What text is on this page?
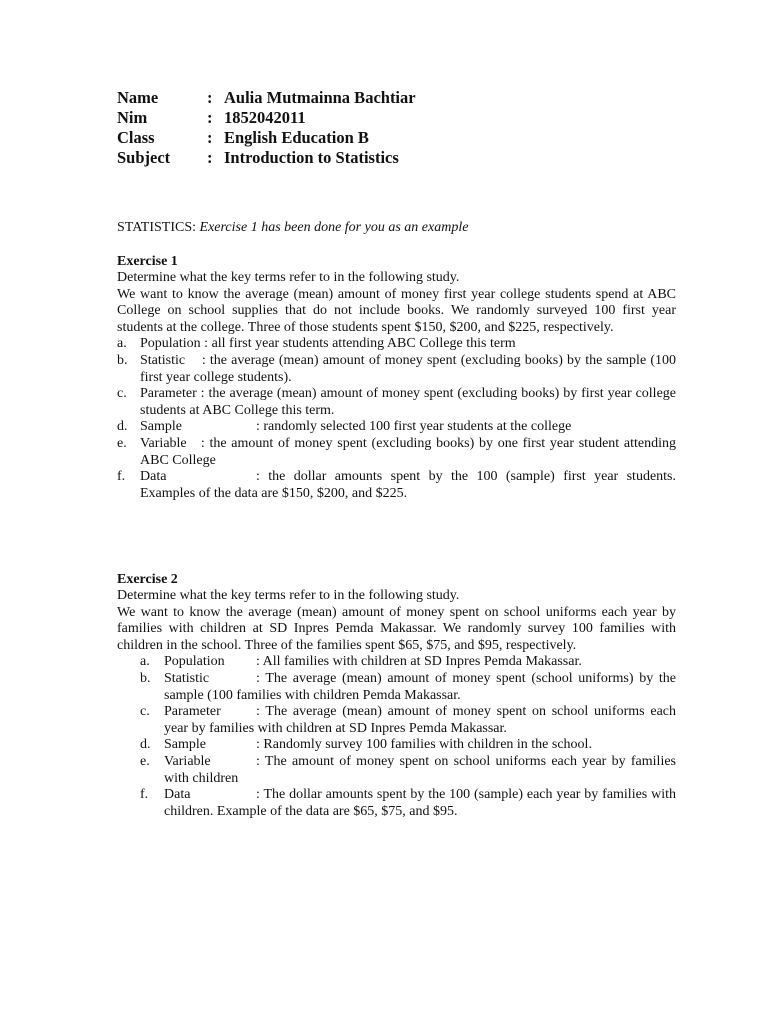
Name	: Aulia Mutmainna Bachtiar
Nim	: 1852042011
Class	: English Education B
Subject	: Introduction to Statistics
STATISTICS: Exercise 1 has been done for you as an example

Exercise 1

Determine what the key terms refer to in the following study.

We want to know the average (mean) amount of money first year college students spend at ABC College on school supplies that do not include books. We randomly surveyed 100 first year students at the college. Three of those students spent $150, $200, and $225, respectively.

a. Population : all first year students attending ABC College this term
b. Statistic    : the average (mean) amount of money spent (excluding books) by the sample (100 first year college students).
c. Parameter : the average (mean) amount of money spent (excluding books) by first year college students at ABC College this term.
d. Sample	: randomly selected 100 first year students at the college
e. Variable   : the amount of money spent (excluding books) by one first year student attending ABC College
f.	Data	: the dollar amounts spent by the 100 (sample) first year students. Examples of the data are $150, $200, and $225.

Exercise 2

Determine what the key terms refer to in the following study.

We want to know the average (mean) amount of money spent on school uniforms each year by families with children at SD Inpres Pemda Makassar. We randomly survey 100 families with children in the school. Three of the families spent $65, $75, and $95, respectively.

a.	Population : All families with children at SD Inpres Pemda Makassar.
b. Statistic	: The average (mean) amount of money spent (school uniforms) by the sample (100 families with children Pemda Makassar.
c.	Parameter	: The average (mean) amount of money spent on school uniforms each year by families with children at SD Inpres Pemda Makassar.
d. Sample	: Randomly survey 100 families with children in the school.
e.	Variable	: The amount of money spent on school uniforms each year by families with children
f.	Data	: The dollar amounts spent by the 100 (sample) each year by families with children. Example of the data are $65, $75, and $95.
